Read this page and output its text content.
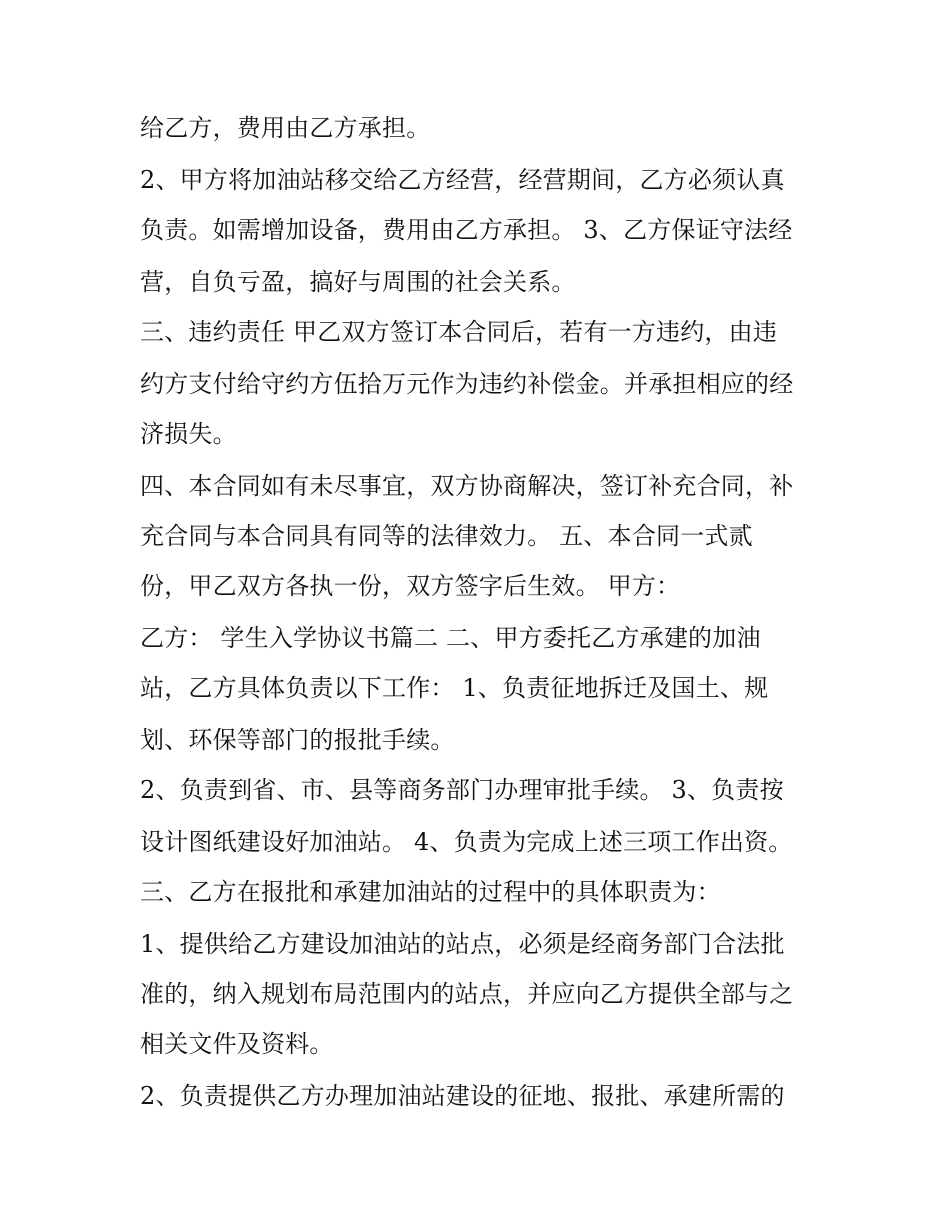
给乙方，费用由乙方承担。
2、甲方将加油站移交给乙方经营，经营期间，乙方必须认真
负责。如需增加设备，费用由乙方承担。 3、乙方保证守法经
营，自负亏盈，搞好与周围的社会关系。
三、违约责任 甲乙双方签订本合同后，若有一方违约，由违
约方支付给守约方伍拾万元作为违约补偿金。并承担相应的经
济损失。
四、本合同如有未尽事宜，双方协商解决，签订补充合同，补
充合同与本合同具有同等的法律效力。 五、本合同一式贰
份，甲乙双方各执一份，双方签字后生效。 甲方：
乙方： 学生入学协议书篇二 二、甲方委托乙方承建的加油
站，乙方具体负责以下工作： 1、负责征地拆迁及国土、规
划、环保等部门的报批手续。
2、负责到省、市、县等商务部门办理审批手续。 3、负责按
设计图纸建设好加油站。 4、负责为完成上述三项工作出资。
三、乙方在报批和承建加油站的过程中的具体职责为：
1、提供给乙方建设加油站的站点，必须是经商务部门合法批
准的，纳入规划布局范围内的站点，并应向乙方提供全部与之
相关文件及资料。
2、负责提供乙方办理加油站建设的征地、报批、承建所需的
